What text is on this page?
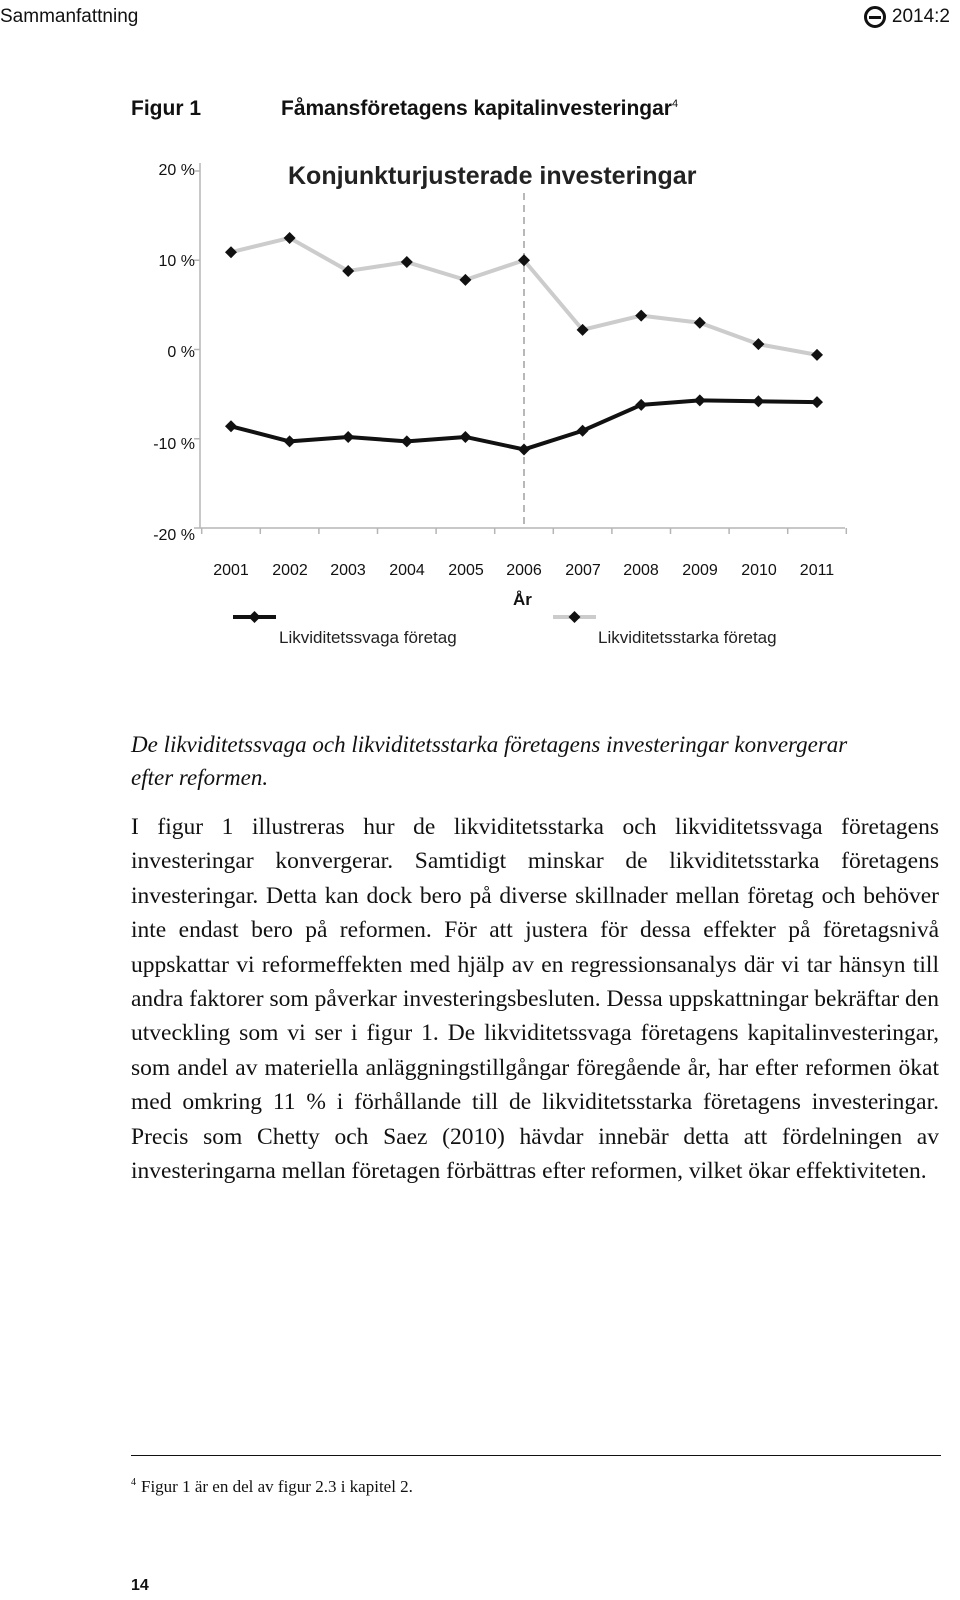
Sammanfattning	2014:2
Figur 1	Fåmansföretagens kapitalinvesteringar$^4$
Konjunkturjusterade investeringar
20 %
10 %
0 %
-10 %
-20 %
2001	2002	2003	2004	2005	2006	2007	2008	2009	2010	2011
År
Likviditetssvaga företag	Likviditetsstarka företag
De likviditetssvaga och likviditetsstarka företagens investeringar konvergerar efter reformen.
I figur 1 illustreras hur de likviditetsstarka och likviditetssvaga företagens investeringar konvergerar. Samtidigt minskar de likviditetsstarka företagens investeringar. Detta kan dock bero på diverse skillnader mellan företag och behöver inte endast bero på reformen. För att justera för dessa effekter på företagsnivå uppskattar vi reformeffekten med hjälp av en regressionsanalys där vi tar hänsyn till andra faktorer som påverkar investeringsbesluten. Dessa uppskattningar bekräftar den utveckling som vi ser i figur 1. De likviditetssvaga företagens kapitalinvesteringar, som andel av materiella anläggningstillgångar föregående år, har efter reformen ökat med omkring 11 % i förhållande till de likviditetsstarka företagens investeringar. Precis som Chetty och Saez (2010) hävdar innebär detta att fördelningen av investeringarna mellan företagen förbättras efter reformen, vilket ökar effektiviteten.
$^4$ Figur 1 är en del av figur 2.3 i kapitel 2.
14
